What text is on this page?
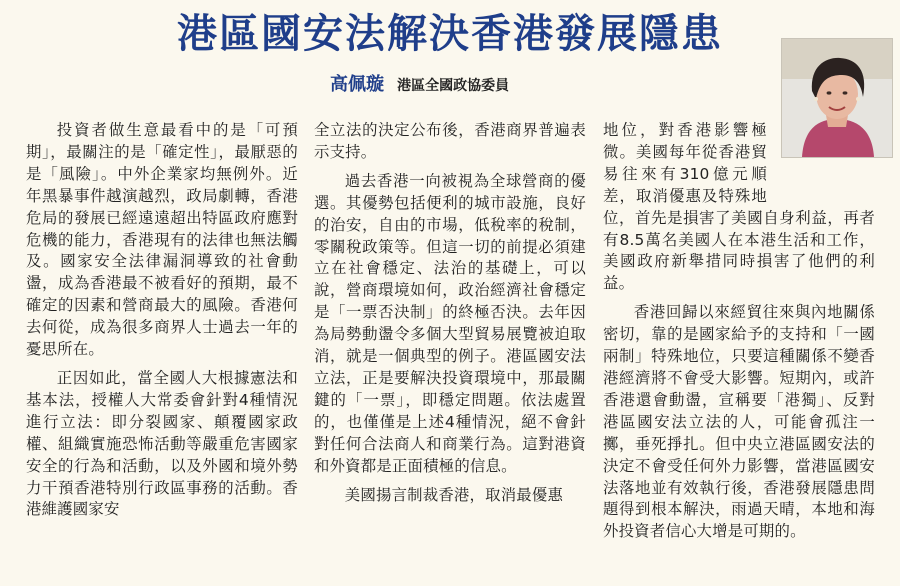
港區國安法解決香港發展隱患
高佩璇 港區全國政協委員

投資者做生意最看中的是「可預期」，最關注的是「確定性」，最厭惡的是「風險」。中外企業家均無例外。近年黑暴事件越演越烈，政局劇轉，香港危局的發展已經遠遠超出特區政府應對危機的能力，香港現有的法律也無法觸及。國家安全法律漏洞導致的社會動盪，成為香港最不被看好的預期，最不確定的因素和營商最大的風險。香港何去何從，成為很多商界人士過去一年的憂思所在。

正因如此，當全國人大根據憲法和基本法，授權人大常委會針對4種情況進行立法：即分裂國家、顛覆國家政權、組織實施恐怖活動等嚴重危害國家安全的行為和活動，以及外國和境外勢力干預香港特別行政區事務的活動。香港維護國家安

全立法的決定公布後，香港商界普遍表示支持。

過去香港一向被視為全球營商的優選。其優勢包括便利的城市設施，良好的治安，自由的市場，低稅率的稅制，零關稅政策等。但這一切的前提必須建立在社會穩定、法治的基礎上，可以說，營商環境如何，政治經濟社會穩定是「一票否決制」的終極否決。去年因為局勢動盪令多個大型貿易展覽被迫取消，就是一個典型的例子。港區國安法立法，正是要解決投資環境中，那最關鍵的「一票」，即穩定問題。依法處置的，也僅僅是上述4種情況，絕不會針對任何合法商人和商業行為。這對港資和外資都是正面積極的信息。

美國揚言制裁香港，取消最優惠

地位，對香港影響極微。美國每年從香港貿易往來有310億元順差，取消優惠及特殊地位，首先是損害了美國自身利益，再者有8.5萬名美國人在本港生活和工作，美國政府新舉措同時損害了他們的利益。

香港回歸以來經貿往來與內地關係密切，靠的是國家給予的支持和「一國兩制」特殊地位，只要這種關係不變香港經濟將不會受大影響。短期內，或許香港還會動盪，宣稱要「港獨」、反對港區國安法立法的人，可能會孤注一擲，垂死掙扎。但中央立港區國安法的決定不會受任何外力影響，當港區國安法落地並有效執行後，香港發展隱患問題得到根本解決，雨過天晴，本地和海外投資者信心大增是可期的。
